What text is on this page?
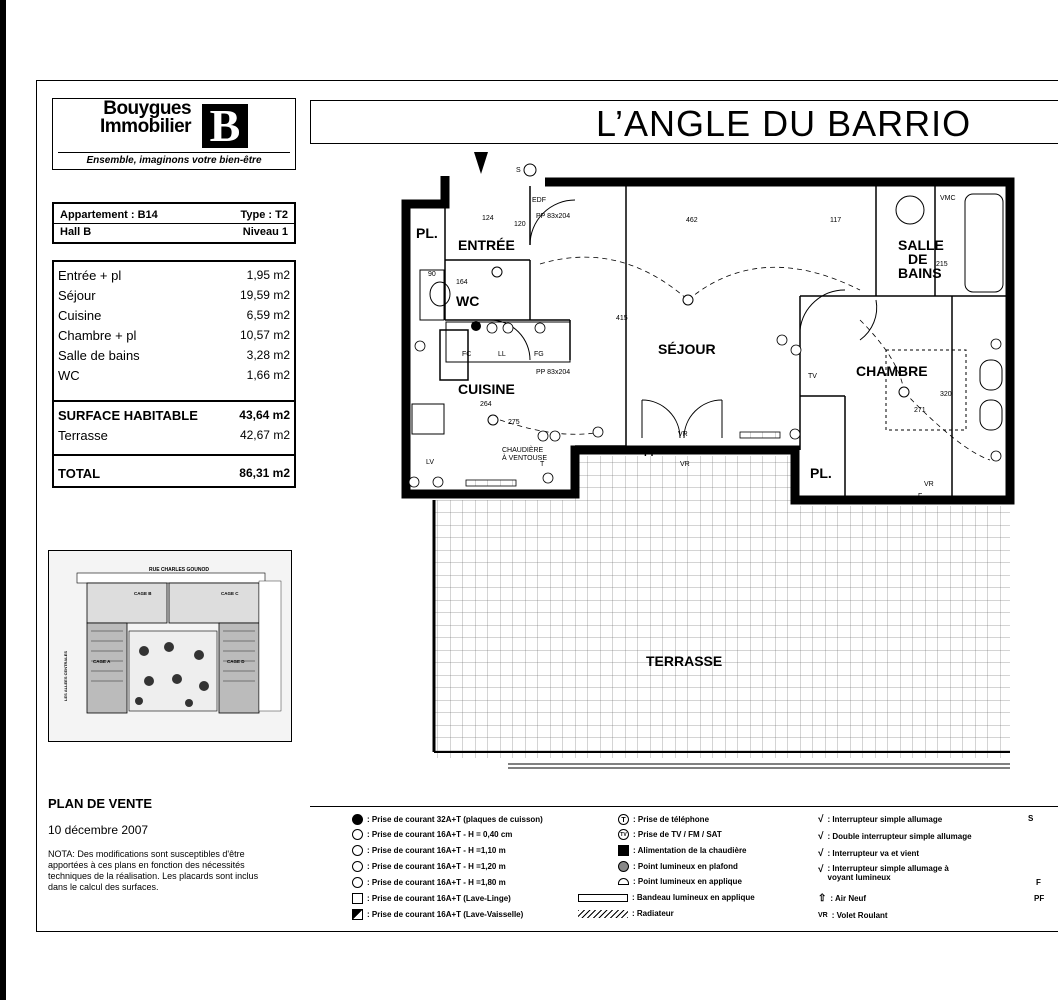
Bouygues
Immobilier B
Ensemble, imaginons votre bien-être
Appartement : B14	Type : T2
Hall B	Niveau 1
Entrée + pl	1,95 m2
Séjour	19,59 m2
Cuisine	6,59 m2
Chambre + pl	10,57 m2
Salle de bains	3,28 m2
WC	1,66 m2
SURFACE HABITABLE	43,64 m2
Terrasse	42,67 m2
TOTAL	86,31 m2
RUE CHARLES GOUNOD
CAGE B	CAGE C
CAGE A	CAGE D
LES ALLEES CENTRALES
PLAN DE VENTE
10 décembre 2007
NOTA: Des modifications sont susceptibles d'être apportées à ces plans en fonction des nécessités techniques de la réalisation. Les placards sont inclus dans le calcul des surfaces.
L’ANGLE DU BARRIO
PL.
ENTRÉE
WC
SÉJOUR
CUISINE
SALLE
DE
BAINS
CHAMBRE
PL.
TERRASSE
EDF
124
120
462	117
415
164
264
275
271
320
215
90
PP 83x204
PP 83x204
FC	LL	FG
LV
CHAUDIÈRE
À VENTOUSE
VR
VR
VR
F	F
S
VMC
TV
T
PF
: Prise de courant 32A+T (plaques de cuisson)
: Prise de courant 16A+T - H = 0,40 cm
: Prise de courant 16A+T - H =1,10 m
: Prise de courant 16A+T - H =1,20 m
: Prise de courant 16A+T - H =1,80 m
: Prise de courant 16A+T (Lave-Linge)
: Prise de courant 16A+T (Lave-Vaisselle)
T : Prise de téléphone
TV : Prise de TV / FM / SAT
: Alimentation de la chaudière
: Point lumineux en plafond
: Point lumineux en applique
: Bandeau lumineux en applique
: Radiateur
√ : Interrupteur simple allumage
√ : Double interrupteur simple allumage
√ : Interrupteur va et vient
√ : Interrupteur simple allumage à voyant lumineux
⇧ : Air Neuf
VR : Volet Roulant
S
F
PF
